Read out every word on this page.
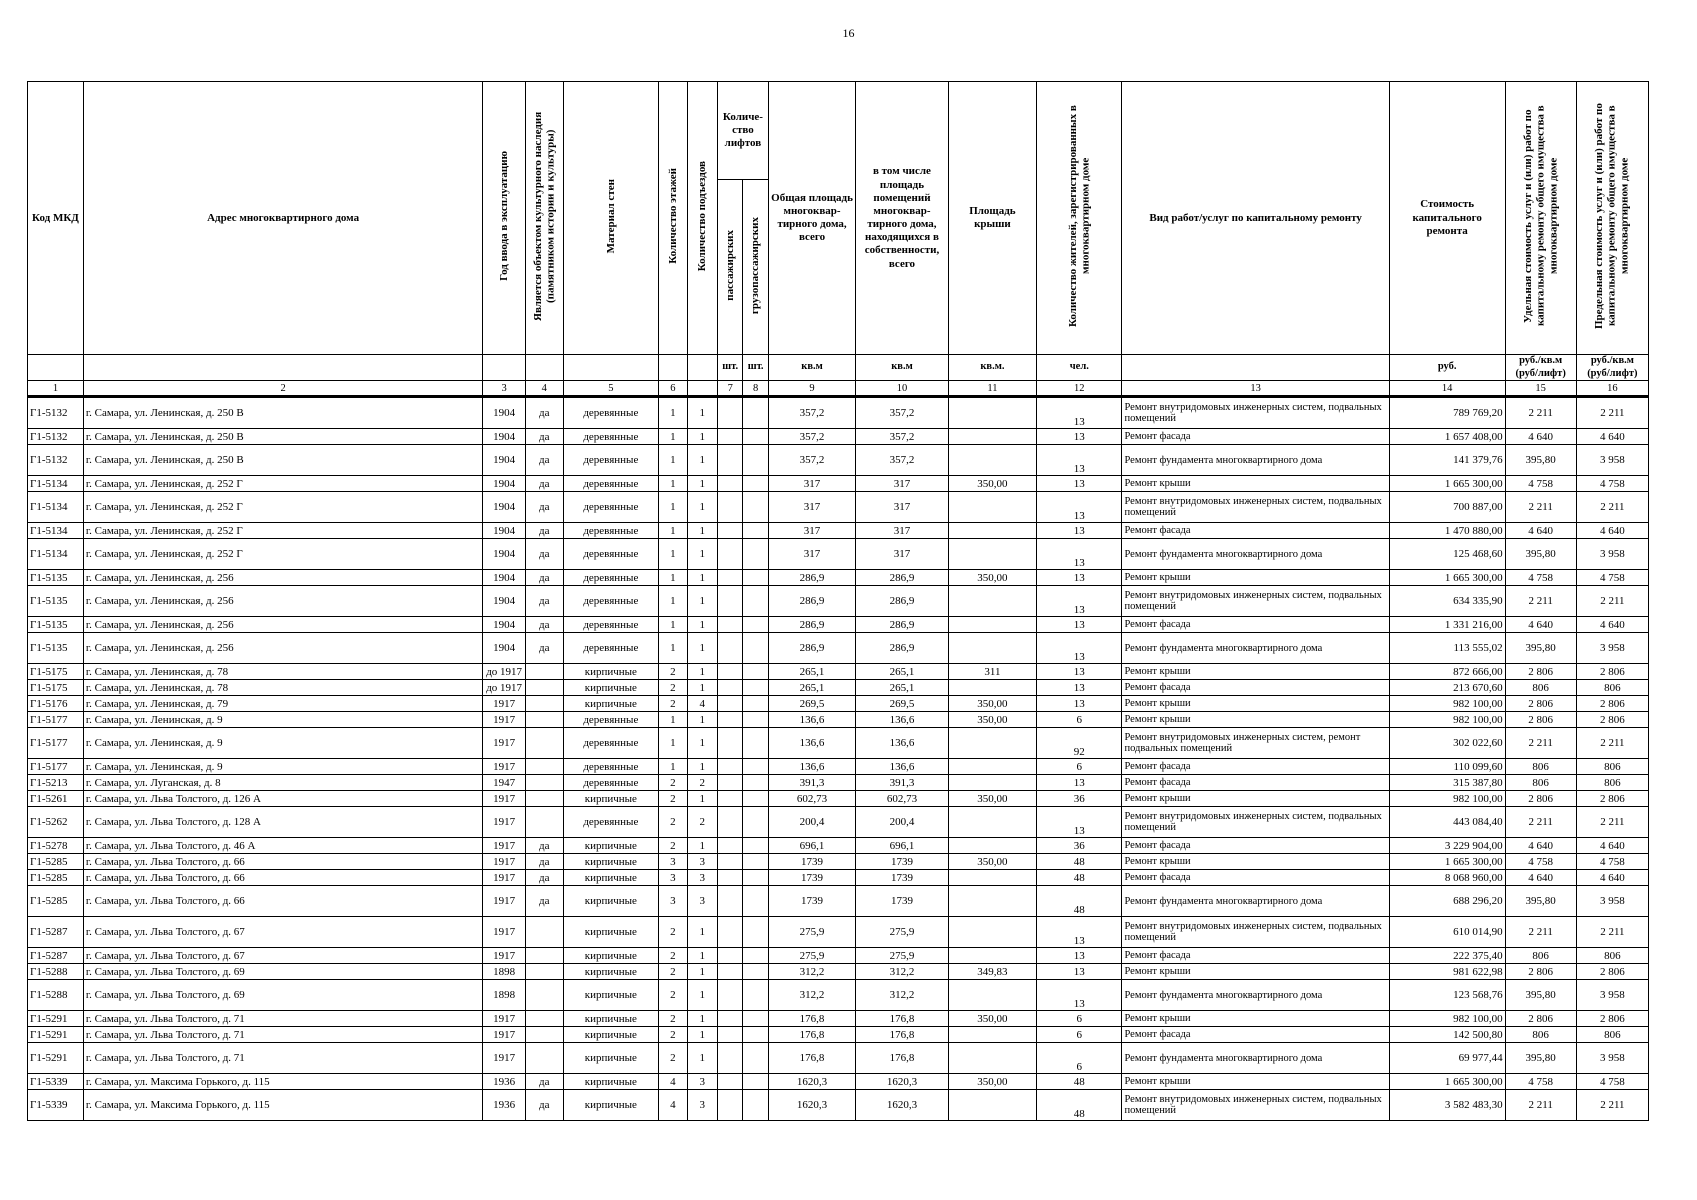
16
Код МКД	Адрес многоквартирного дома	Год ввода в эксплуатацию	Является объектом культурного наследия (памятником истории и культуры)	Материал стен	Количество этажей	Количество подъездов	Количе-ство лифтов		Общая площадь многоквар-тирного дома, всего	в том числе площадь помещений многоквар-тирного дома, находящихся в собственности, всего	Площадь крыши	Количество жителей, зарегистрированных в многоквартирном доме	Вид работ/услуг по капитальному ремонту	Стоимость капитального ремонта	Удельная стоимость услуг и (или) работ по капитальному ремонту общего имущества в многоквартирном доме	Предельная стоимость услуг и (или) работ по капитальному ремонту общего имущества в многоквартирном доме
							пассажирских	грузопассажирских								
							шт.	шт.	кв.м	кв.м	кв.м.	чел.		руб.	руб./кв.м (руб/лифт)	руб./кв.м (руб/лифт)
1	2	3	4	5	6		7	8	9	10	11	12	13	14	15	16
Г1-5132	г. Самара, ул. Ленинская, д. 250 В	1904	да	деревянные	1	1			357,2	357,2		13	Ремонт внутридомовых инженерных систем, подвальных помещений	789 769,20	2 211	2 211
Г1-5132	г. Самара, ул. Ленинская, д. 250 В	1904	да	деревянные	1	1			357,2	357,2		13	Ремонт фасада	1 657 408,00	4 640	4 640
Г1-5132	г. Самара, ул. Ленинская, д. 250 В	1904	да	деревянные	1	1			357,2	357,2		13	Ремонт фундамента многоквартирного дома	141 379,76	395,80	3 958
Г1-5134	г. Самара, ул. Ленинская, д. 252 Г	1904	да	деревянные	1	1			317	317	350,00	13	Ремонт крыши	1 665 300,00	4 758	4 758
Г1-5134	г. Самара, ул. Ленинская, д. 252 Г	1904	да	деревянные	1	1			317	317		13	Ремонт внутридомовых инженерных систем, подвальных помещений	700 887,00	2 211	2 211
Г1-5134	г. Самара, ул. Ленинская, д. 252 Г	1904	да	деревянные	1	1			317	317		13	Ремонт фасада	1 470 880,00	4 640	4 640
Г1-5134	г. Самара, ул. Ленинская, д. 252 Г	1904	да	деревянные	1	1			317	317		13	Ремонт фундамента многоквартирного дома	125 468,60	395,80	3 958
Г1-5135	г. Самара, ул. Ленинская, д. 256	1904	да	деревянные	1	1			286,9	286,9	350,00	13	Ремонт крыши	1 665 300,00	4 758	4 758
Г1-5135	г. Самара, ул. Ленинская, д. 256	1904	да	деревянные	1	1			286,9	286,9		13	Ремонт внутридомовых инженерных систем, подвальных помещений	634 335,90	2 211	2 211
Г1-5135	г. Самара, ул. Ленинская, д. 256	1904	да	деревянные	1	1			286,9	286,9		13	Ремонт фасада	1 331 216,00	4 640	4 640
Г1-5135	г. Самара, ул. Ленинская, д. 256	1904	да	деревянные	1	1			286,9	286,9		13	Ремонт фундамента многоквартирного дома	113 555,02	395,80	3 958
Г1-5175	г. Самара, ул. Ленинская, д. 78	до 1917		кирпичные	2	1			265,1	265,1	311	13	Ремонт крыши	872 666,00	2 806	2 806
Г1-5175	г. Самара, ул. Ленинская, д. 78	до 1917		кирпичные	2	1			265,1	265,1		13	Ремонт фасада	213 670,60	806	806
Г1-5176	г. Самара, ул. Ленинская, д. 79	1917		кирпичные	2	4			269,5	269,5	350,00	13	Ремонт крыши	982 100,00	2 806	2 806
Г1-5177	г. Самара, ул. Ленинская, д. 9	1917		деревянные	1	1			136,6	136,6	350,00	6	Ремонт крыши	982 100,00	2 806	2 806
Г1-5177	г. Самара, ул. Ленинская, д. 9	1917		деревянные	1	1			136,6	136,6		92	Ремонт внутридомовых инженерных систем, ремонт подвальных помещений	302 022,60	2 211	2 211
Г1-5177	г. Самара, ул. Ленинская, д. 9	1917		деревянные	1	1			136,6	136,6		6	Ремонт фасада	110 099,60	806	806
Г1-5213	г. Самара, ул. Луганская, д. 8	1947		деревянные	2	2			391,3	391,3		13	Ремонт фасада	315 387,80	806	806
Г1-5261	г. Самара, ул. Льва Толстого, д. 126 А	1917		кирпичные	2	1			602,73	602,73	350,00	36	Ремонт крыши	982 100,00	2 806	2 806
Г1-5262	г. Самара, ул. Льва Толстого, д. 128 А	1917		деревянные	2	2			200,4	200,4		13	Ремонт внутридомовых инженерных систем, подвальных помещений	443 084,40	2 211	2 211
Г1-5278	г. Самара, ул. Льва Толстого, д. 46 А	1917	да	кирпичные	2	1			696,1	696,1		36	Ремонт фасада	3 229 904,00	4 640	4 640
Г1-5285	г. Самара, ул. Льва Толстого, д. 66	1917	да	кирпичные	3	3			1739	1739	350,00	48	Ремонт крыши	1 665 300,00	4 758	4 758
Г1-5285	г. Самара, ул. Льва Толстого, д. 66	1917	да	кирпичные	3	3			1739	1739		48	Ремонт фасада	8 068 960,00	4 640	4 640
Г1-5285	г. Самара, ул. Льва Толстого, д. 66	1917	да	кирпичные	3	3			1739	1739		48	Ремонт фундамента многоквартирного дома	688 296,20	395,80	3 958
Г1-5287	г. Самара, ул. Льва Толстого, д. 67	1917		кирпичные	2	1			275,9	275,9		13	Ремонт внутридомовых инженерных систем, подвальных помещений	610 014,90	2 211	2 211
Г1-5287	г. Самара, ул. Льва Толстого, д. 67	1917		кирпичные	2	1			275,9	275,9		13	Ремонт фасада	222 375,40	806	806
Г1-5288	г. Самара, ул. Льва Толстого, д. 69	1898		кирпичные	2	1			312,2	312,2	349,83	13	Ремонт крыши	981 622,98	2 806	2 806
Г1-5288	г. Самара, ул. Льва Толстого, д. 69	1898		кирпичные	2	1			312,2	312,2		13	Ремонт фундамента многоквартирного дома	123 568,76	395,80	3 958
Г1-5291	г. Самара, ул. Льва Толстого, д. 71	1917		кирпичные	2	1			176,8	176,8	350,00	6	Ремонт крыши	982 100,00	2 806	2 806
Г1-5291	г. Самара, ул. Льва Толстого, д. 71	1917		кирпичные	2	1			176,8	176,8		6	Ремонт фасада	142 500,80	806	806
Г1-5291	г. Самара, ул. Льва Толстого, д. 71	1917		кирпичные	2	1			176,8	176,8		6	Ремонт фундамента многоквартирного дома	69 977,44	395,80	3 958
Г1-5339	г. Самара, ул. Максима Горького, д. 115	1936	да	кирпичные	4	3			1620,3	1620,3	350,00	48	Ремонт крыши	1 665 300,00	4 758	4 758
Г1-5339	г. Самара, ул. Максима Горького, д. 115	1936	да	кирпичные	4	3			1620,3	1620,3		48	Ремонт внутридомовых инженерных систем, подвальных помещений	3 582 483,30	2 211	2 211
